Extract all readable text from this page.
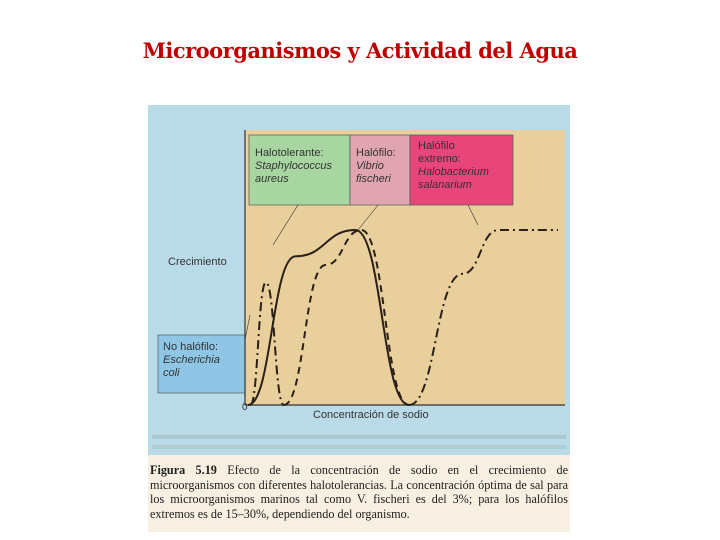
Microorganismos y Actividad del Agua
Halotolerante:
Staphylococcus
aureus
Halófilo:
Vibrio
fischeri
Halófilo
extremo:
Halobacterium
salanarium
No halófilo:
Escherichia
coli
Crecimiento
Concentración de sodio
0
Figura 5.19 Efecto de la concentración de sodio en el crecimiento de microorganismos con diferentes halotolerancias. La concentración óptima de sal para los microorganismos marinos tal como V. fischeri es del 3%; para los halófilos extremos es de 15–30%, dependiendo del organismo.
